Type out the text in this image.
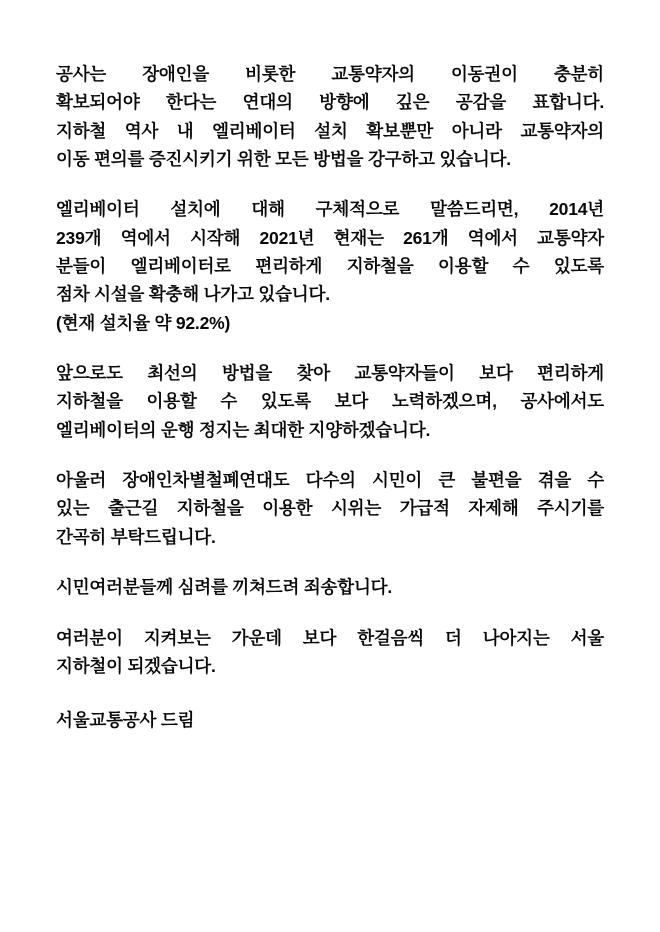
공사는 장애인을 비롯한 교통약자의 이동권이 충분히
확보되어야 한다는 연대의 방향에 깊은 공감을 표합니다.
지하철 역사 내 엘리베이터 설치 확보뿐만 아니라 교통약자의
이동 편의를 증진시키기 위한 모든 방법을 강구하고 있습니다.
엘리베이터 설치에 대해 구체적으로 말씀드리면, 2014년
239개 역에서 시작해 2021년 현재는 261개 역에서 교통약자
분들이 엘리베이터로 편리하게 지하철을 이용할 수 있도록
점차 시설을 확충해 나가고 있습니다.
(현재 설치율 약 92.2%)
앞으로도 최선의 방법을 찾아 교통약자들이 보다 편리하게
지하철을 이용할 수 있도록 보다 노력하겠으며, 공사에서도
엘리베이터의 운행 정지는 최대한 지양하겠습니다.
아울러 장애인차별철폐연대도 다수의 시민이 큰 불편을 겪을 수
있는 출근길 지하철을 이용한 시위는 가급적 자제해 주시기를
간곡히 부탁드립니다.
시민여러분들께 심려를 끼쳐드려 죄송합니다.
여러분이 지켜보는 가운데 보다 한걸음씩 더 나아지는 서울
지하철이 되겠습니다.
서울교통공사 드림
